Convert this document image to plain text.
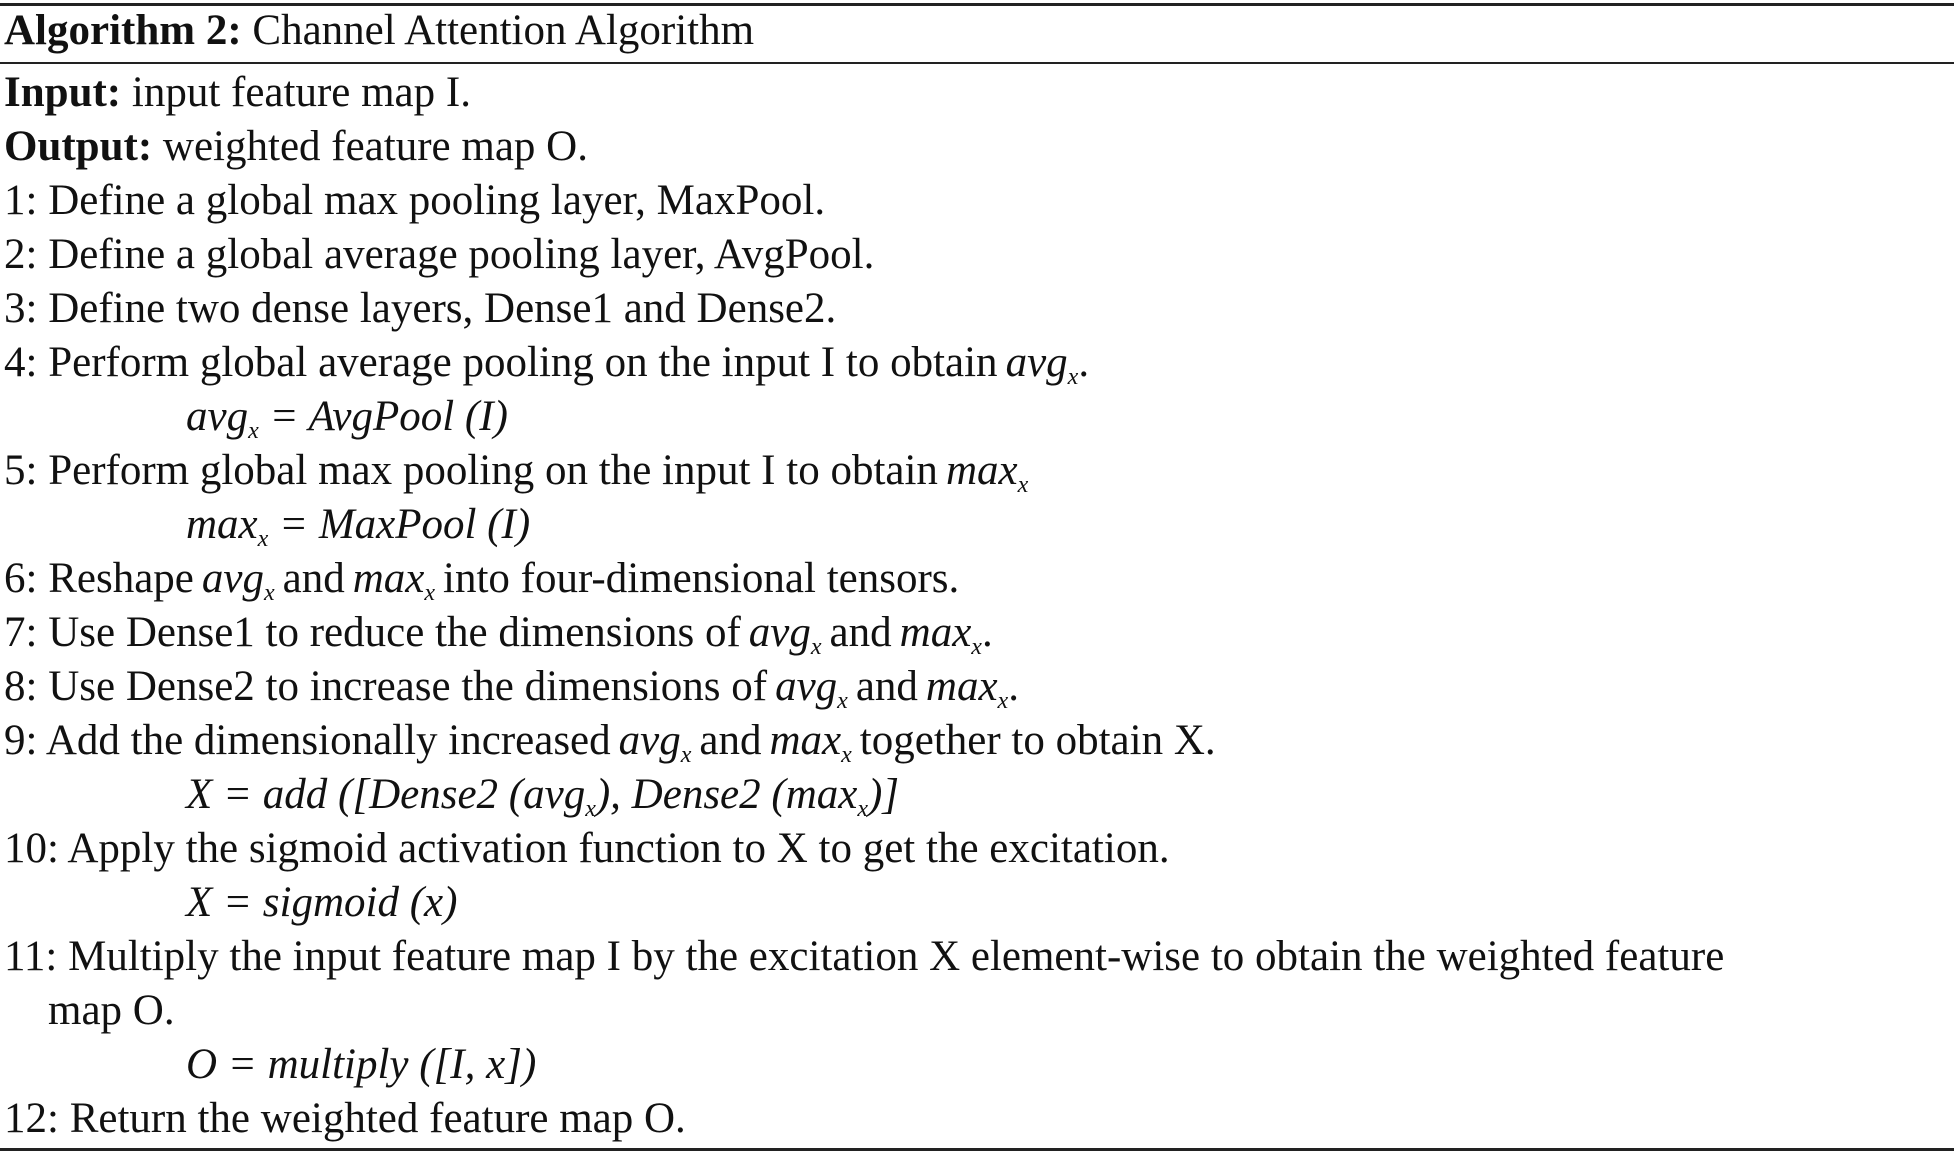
Algorithm 2: Channel Attention Algorithm
Input: input feature map I.
Output: weighted feature map O.
1: Define a global max pooling layer, MaxPool.
2: Define a global average pooling layer, AvgPool.
3: Define two dense layers, Dense1 and Dense2.
4: Perform global average pooling on the input I to obtain avg$_x$.
avg$_x$ = AvgPool (I)
5: Perform global max pooling on the input I to obtain $\max_x$
$\max_x$ = MaxPool (I)
6: Reshape avg$_x$ and $\max_x$ into four-dimensional tensors.
7: Use Dense1 to reduce the dimensions of avg$_x$ and $\max_x$.
8: Use Dense2 to increase the dimensions of avg$_x$ and $\max_x$.
9: Add the dimensionally increased avg$_x$ and $\max_x$ together to obtain X.
X = add ([Dense2 (avg$_x$), Dense2 $(\max_x)$]
10: Apply the sigmoid activation function to X to get the excitation.
X = sigmoid (x)
11: Multiply the input feature map I by the excitation X element-wise to obtain the weighted feature
map O.
O = multiply ([I, x])
12: Return the weighted feature map O.
